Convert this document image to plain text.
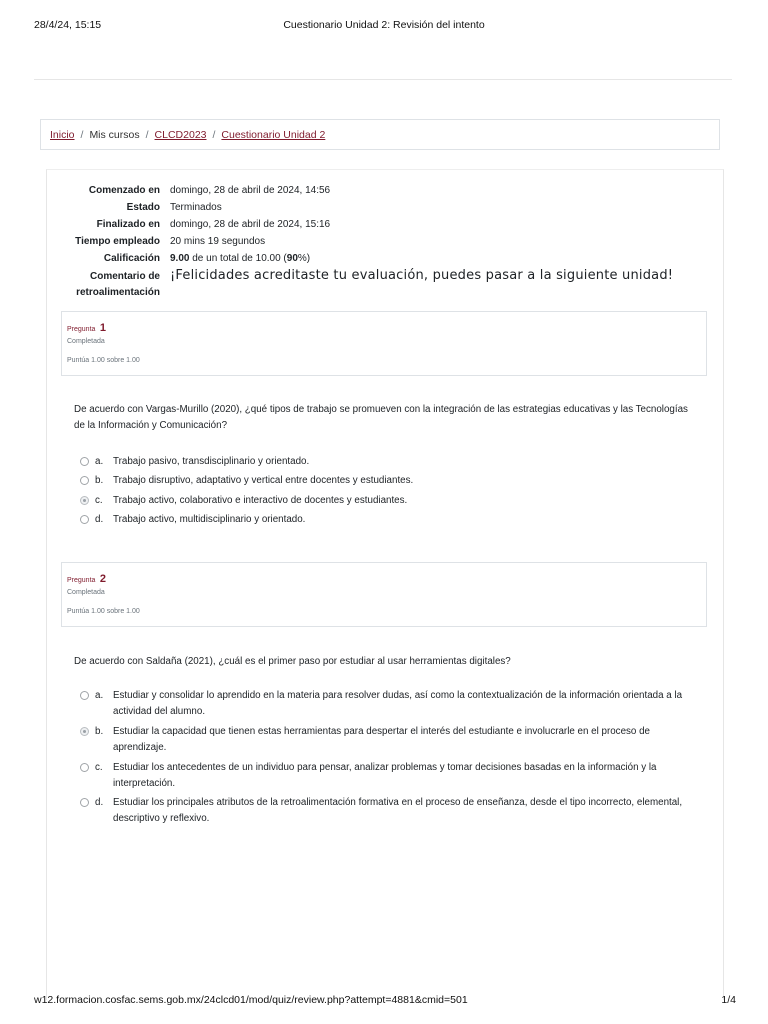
28/4/24, 15:15	Cuestionario Unidad 2: Revisión del intento
Inicio / Mis cursos / CLCD2023 / Cuestionario Unidad 2
Comenzado en domingo, 28 de abril de 2024, 14:56
Estado Terminados
Finalizado en domingo, 28 de abril de 2024, 15:16
Tiempo empleado 20 mins 19 segundos
Calificación 9.00 de un total de 10.00 (90%)
Comentario de
retroalimentación
¡Felicidades acreditaste tu evaluación, puedes pasar a la siguiente unidad!
Pregunta 1
Completada
Puntúa 1.00 sobre 1.00
De acuerdo con Vargas-Murillo (2020), ¿qué tipos de trabajo se promueven con la integración de las estrategias educativas y las Tecnologías de la Información y Comunicación?
a. Trabajo pasivo, transdisciplinario y orientado.
b. Trabajo disruptivo, adaptativo y vertical entre docentes y estudiantes.
c. Trabajo activo, colaborativo e interactivo de docentes y estudiantes.
d. Trabajo activo, multidisciplinario y orientado.
Pregunta 2
Completada
Puntúa 1.00 sobre 1.00
De acuerdo con Saldaña (2021), ¿cuál es el primer paso por estudiar al usar herramientas digitales?
a. Estudiar y consolidar lo aprendido en la materia para resolver dudas, así como la contextualización de la información orientada a la actividad del alumno.
b. Estudiar la capacidad que tienen estas herramientas para despertar el interés del estudiante e involucrarle en el proceso de aprendizaje.
c. Estudiar los antecedentes de un individuo para pensar, analizar problemas y tomar decisiones basadas en la información y la interpretación.
d. Estudiar los principales atributos de la retroalimentación formativa en el proceso de enseñanza, desde el tipo incorrecto, elemental, descriptivo y reflexivo.
w12.formacion.cosfac.sems.gob.mx/24clcd01/mod/quiz/review.php?attempt=4881&cmid=501	1/4
